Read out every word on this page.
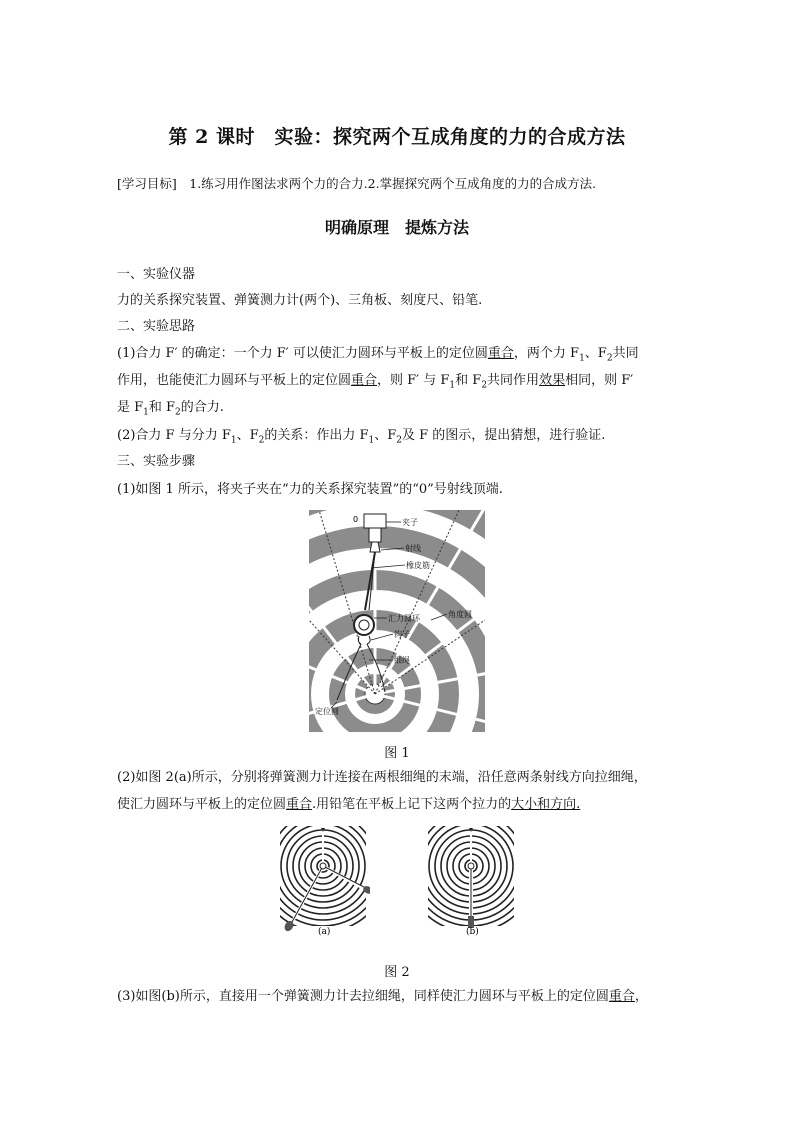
第 2 课时　实验：探究两个互成角度的力的合成方法
[学习目标]　1.练习用作图法求两个力的合力.2.掌握探究两个互成角度的力的合成方法.
明确原理　提炼方法
一、实验仪器
力的关系探究装置、弹簧测力计(两个)、三角板、刻度尺、铅笔.
二、实验思路
(1)合力 F′ 的确定：一个力 F′ 可以使汇力圆环与平板上的定位圆重合，两个力 $F_1$、$F_2$共同
作用，也能使汇力圆环与平板上的定位圆重合，则 F′ 与 $F_1$和 $F_2$共同作用效果相同，则 F′
是 $F_1$和 $F_2$的合力.
(2)合力 F 与分力 $F_1$、$F_2$的关系：作出力 $F_1$、$F_2$及 F 的图示，提出猜想，进行验证.
三、实验步骤
(1)如图 1 所示，将夹子夹在“力的关系探究装置”的“0”号射线顶端.
0	夹子
射线
橡皮筋
汇力圆环	角度圆
钩子
细绳
定位圆
图 1
(2)如图 2(a)所示，分别将弹簧测力计连接在两根细绳的末端，沿任意两条射线方向拉细绳，
使汇力圆环与平板上的定位圆重合.用铅笔在平板上记下这两个拉力的大小和方向.
(a)	(b)
图 2
(3)如图(b)所示，直接用一个弹簧测力计去拉细绳，同样使汇力圆环与平板上的定位圆重合，
